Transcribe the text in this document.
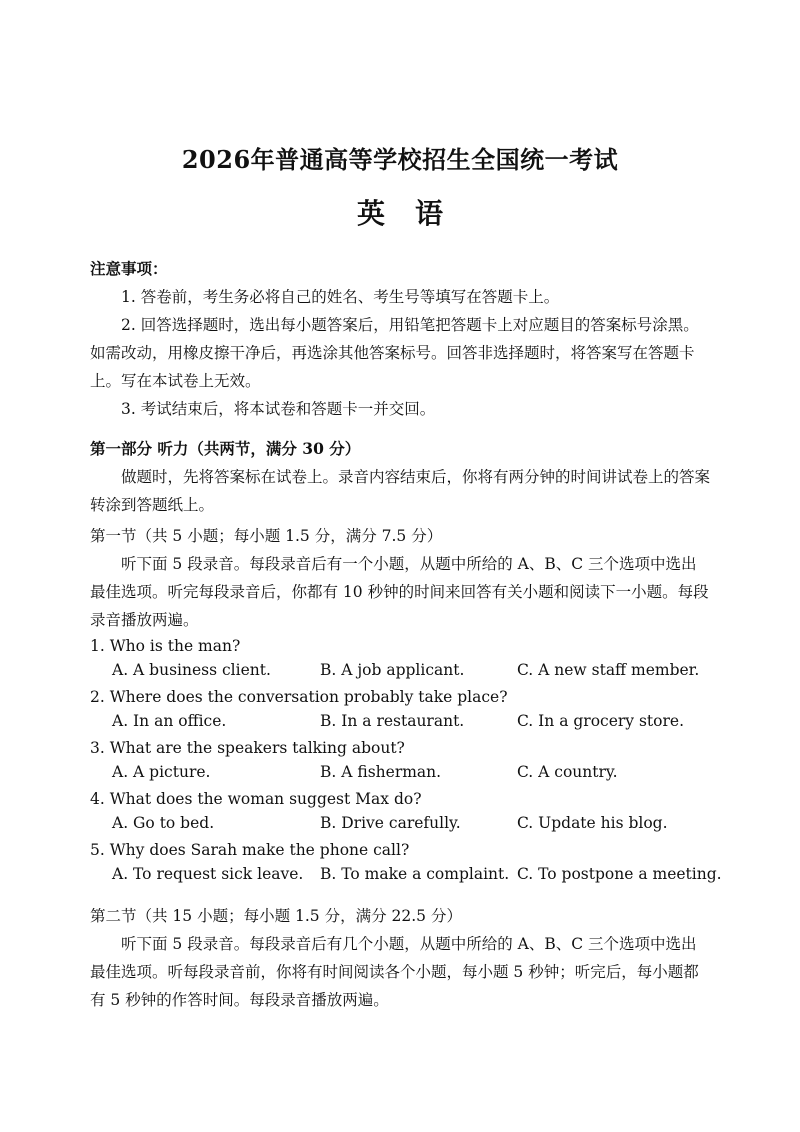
2026年普通高等学校招生全国统一考试
英语

注意事项：

1. 答卷前，考生务必将自己的姓名、考生号等填写在答题卡上。

2. 回答选择题时，选出每小题答案后，用铅笔把答题卡上对应题目的答案标号涂黑。如需改动，用橡皮擦干净后，再选涂其他答案标号。回答非选择题时，将答案写在答题卡上。写在本试卷上无效。

3. 考试结束后，将本试卷和答题卡一并交回。

第一部分 听力（共两节，满分 30 分）

做题时，先将答案标在试卷上。录音内容结束后，你将有两分钟的时间讲试卷上的答案转涂到答题纸上。

第一节（共 5 小题；每小题 1.5 分，满分 7.5 分）

听下面 5 段录音。每段录音后有一个小题，从题中所给的 A、B、C 三个选项中选出最佳选项。听完每段录音后，你都有 10 秒钟的时间来回答有关小题和阅读下一小题。每段录音播放两遍。

1. Who is the man?

A. A business client.	B. A job applicant.	C. A new staff member.

2. Where does the conversation probably take place?

A. In an office.	B. In a restaurant.	C. In a grocery store.

3. What are the speakers talking about?

A. A picture.	B. A fisherman.	C. A country.

4. What does the woman suggest Max do?

A. Go to bed.	B. Drive carefully.	C. Update his blog.

5. Why does Sarah make the phone call?

A. To request sick leave.	B. To make a complaint. C. To postpone a meeting.

第二节（共 15 小题；每小题 1.5 分，满分 22.5 分）

听下面 5 段录音。每段录音后有几个小题，从题中所给的 A、B、C 三个选项中选出最佳选项。听每段录音前，你将有时间阅读各个小题，每小题 5 秒钟；听完后，每小题都有 5 秒钟的作答时间。每段录音播放两遍。
